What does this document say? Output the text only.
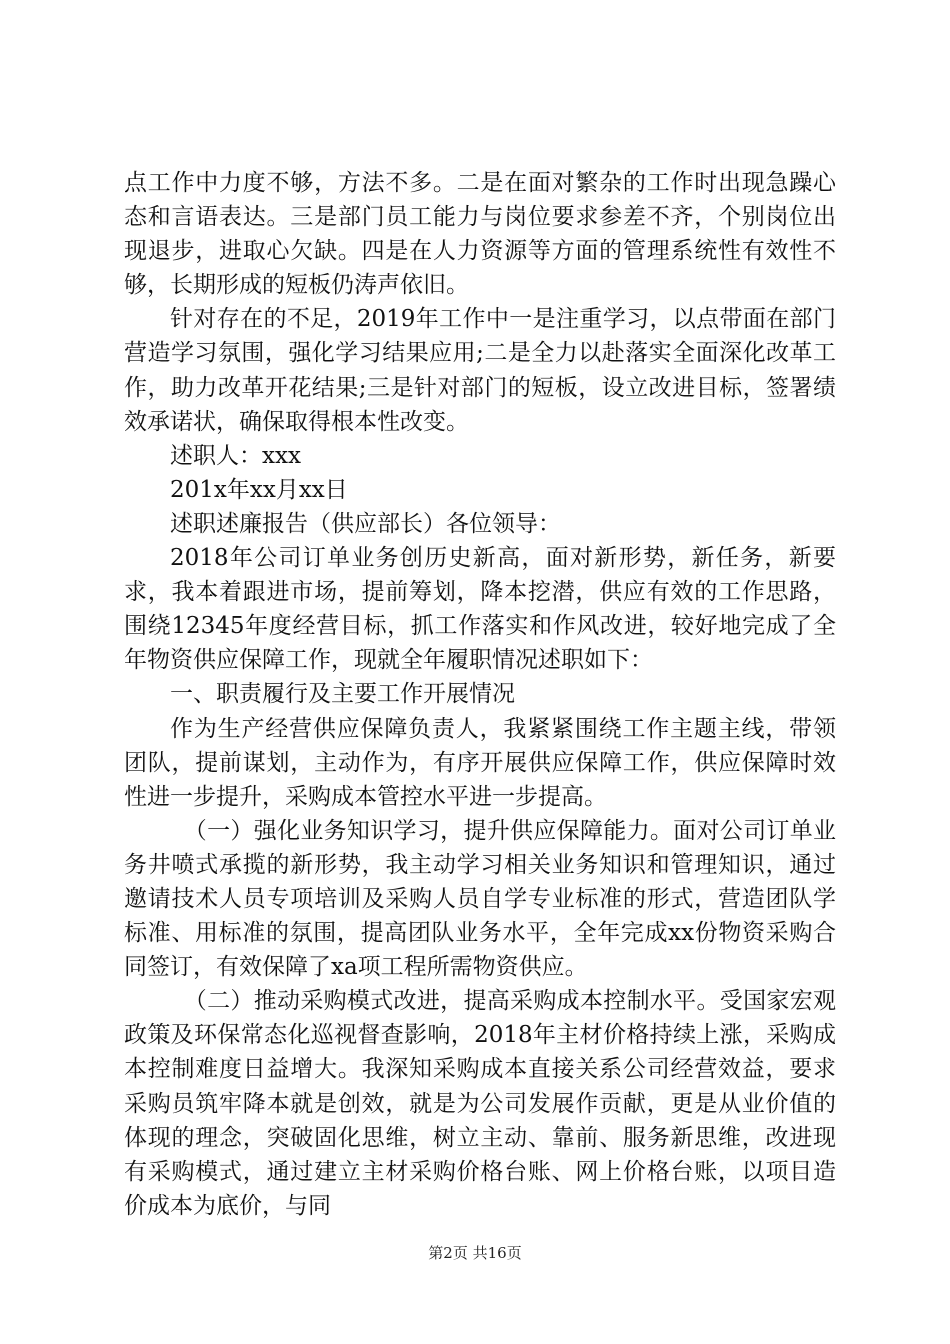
点工作中力度不够，方法不多。二是在面对繁杂的工作时出现急躁心态和言语表达。三是部门员工能力与岗位要求参差不齐，个别岗位出现退步，进取心欠缺。四是在人力资源等方面的管理系统性有效性不够，长期形成的短板仍涛声依旧。

针对存在的不足，2019年工作中一是注重学习，以点带面在部门营造学习氛围，强化学习结果应用;二是全力以赴落实全面深化改革工作，助力改革开花结果;三是针对部门的短板，设立改进目标，签署绩效承诺状，确保取得根本性改变。

述职人：xxx

201x年xx月xx日

述职述廉报告（供应部长）各位领导：

2018年公司订单业务创历史新高，面对新形势，新任务，新要求，我本着跟进市场，提前筹划，降本挖潜，供应有效的工作思路，围绕12345年度经营目标，抓工作落实和作风改进，较好地完成了全年物资供应保障工作，现就全年履职情况述职如下：

一、职责履行及主要工作开展情况

作为生产经营供应保障负责人，我紧紧围绕工作主题主线，带领团队，提前谋划，主动作为，有序开展供应保障工作，供应保障时效性进一步提升，采购成本管控水平进一步提高。

（一）强化业务知识学习，提升供应保障能力。面对公司订单业务井喷式承揽的新形势，我主动学习相关业务知识和管理知识，通过邀请技术人员专项培训及采购人员自学专业标准的形式，营造团队学标准、用标准的氛围，提高团队业务水平，全年完成xx份物资采购合同签订，有效保障了xa项工程所需物资供应。

（二）推动采购模式改进，提高采购成本控制水平。受国家宏观政策及环保常态化巡视督查影响，2018年主材价格持续上涨，采购成本控制难度日益增大。我深知采购成本直接关系公司经营效益，要求采购员筑牢降本就是创效，就是为公司发展作贡献，更是从业价值的体现的理念，突破固化思维，树立主动、靠前、服务新思维，改进现有采购模式，通过建立主材采购价格台账、网上价格台账，以项目造价成本为底价，与同

第2页 共16页
